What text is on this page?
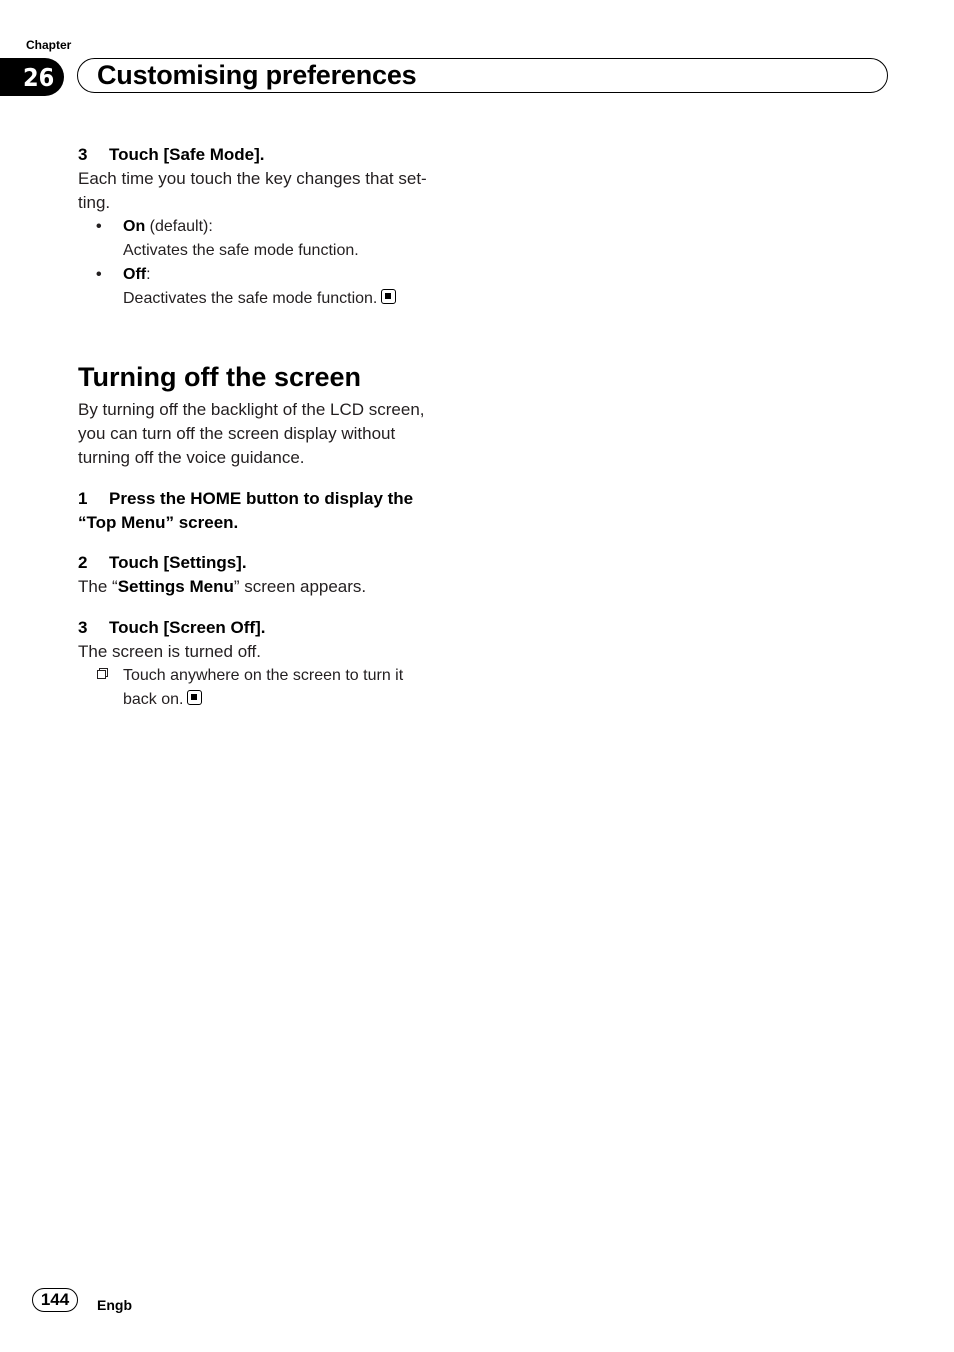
Chapter
26	Customising preferences

3 Touch [Safe Mode].

Each time you touch the key changes that set-
ting.

•	On (default):
Activates the safe mode function.
•	Off:
Deactivates the safe mode function.
Turning off the screen

By turning off the backlight of the LCD screen,
you can turn off the screen display without
turning off the voice guidance.

1 Press the HOME button to display the
“Top Menu” screen.

2 Touch [Settings].

The “Settings Menu” screen appears.

3 Touch [Screen Off].

The screen is turned off.

Touch anywhere on the screen to turn it
back on.
144	Engb
